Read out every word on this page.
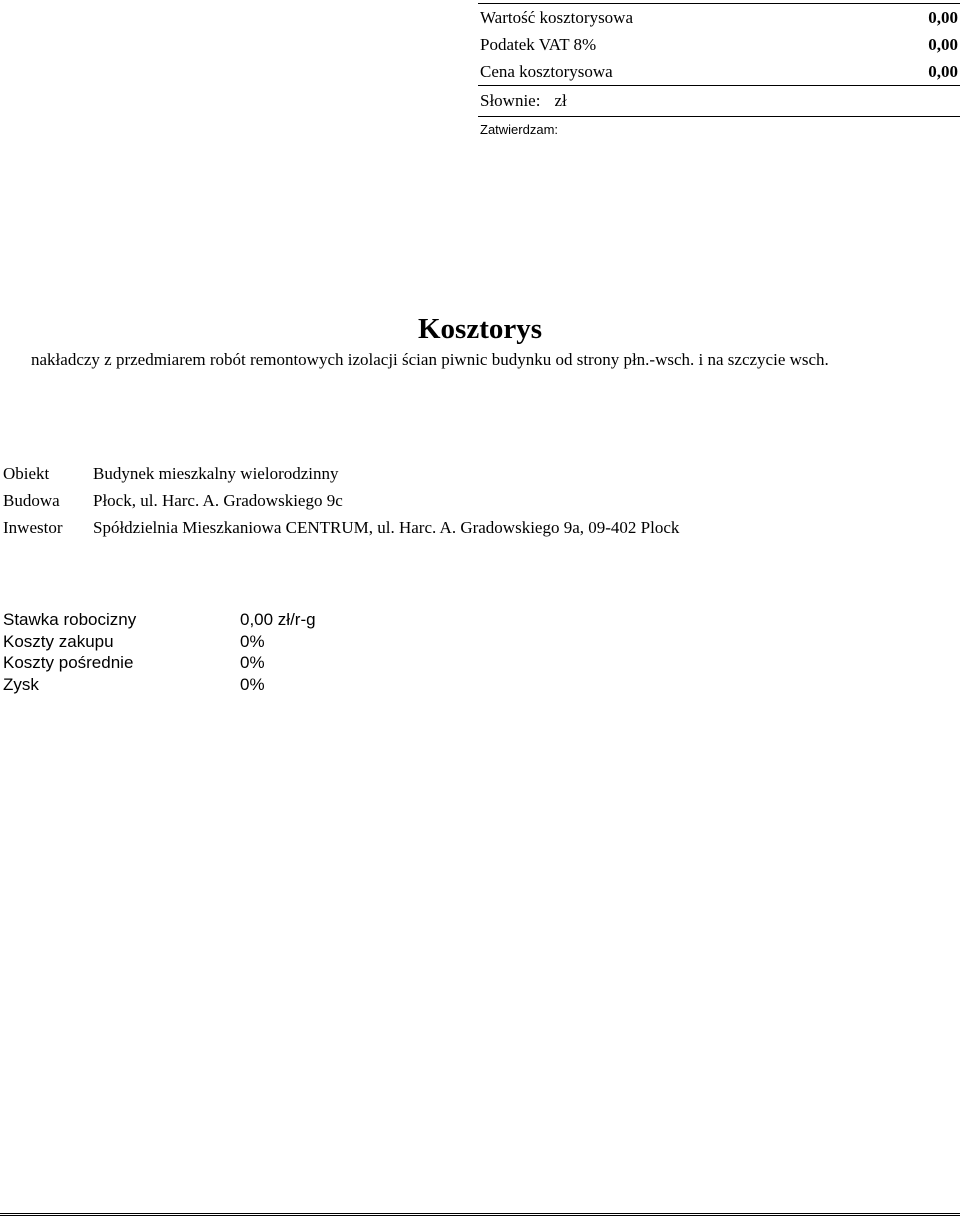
Wartość kosztorysowa	0,00
Podatek VAT 8%	0,00
Cena kosztorysowa	0,00
Słownie: zł
Zatwierdzam:
Kosztorys
nakładczy z przedmiarem robót remontowych izolacji ścian piwnic budynku od strony płn.-wsch. i na szczycie wsch.
Obiekt	Budynek mieszkalny wielorodzinny
Budowa	Płock, ul. Harc. A. Gradowskiego 9c
Inwestor	Spółdzielnia Mieszkaniowa CENTRUM, ul. Harc. A. Gradowskiego 9a, 09-402 Plock
Stawka robocizny	0,00 zł/r-g
Koszty zakupu	0%
Koszty pośrednie	0%
Zysk	0%
